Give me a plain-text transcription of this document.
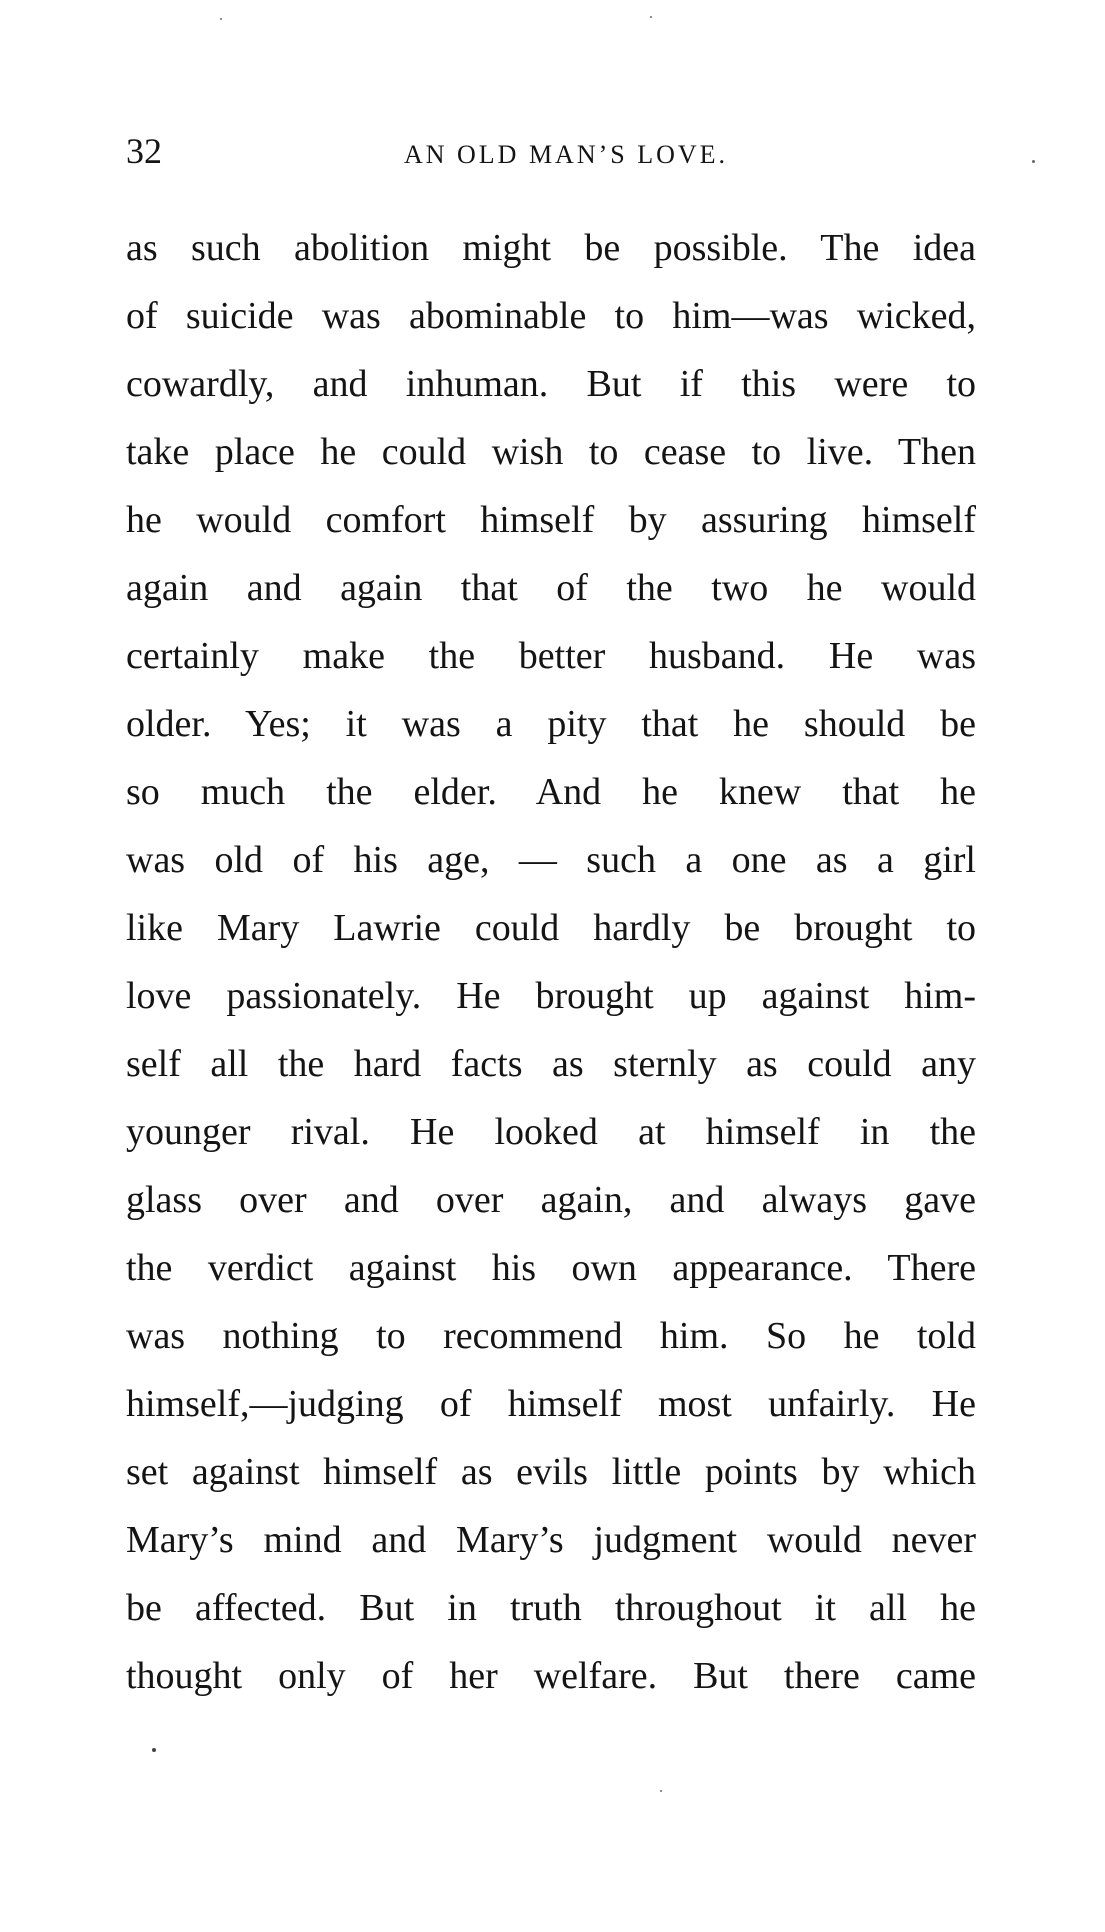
32	AN OLD MAN’S LOVE.
as such abolition might be possible. The idea
of suicide was abominable to him—was wicked,
cowardly, and inhuman. But if this were to
take place he could wish to cease to live. Then
he would comfort himself by assuring himself
again and again that of the two he would
certainly make the better husband. He was
older. Yes; it was a pity that he should be
so much the elder. And he knew that he
was old of his age, — such a one as a girl
like Mary Lawrie could hardly be brought to
love passionately. He brought up against him-
self all the hard facts as sternly as could any
younger rival. He looked at himself in the
glass over and over again, and always gave
the verdict against his own appearance. There
was nothing to recommend him. So he told
himself,—judging of himself most unfairly. He
set against himself as evils little points by which
Mary’s mind and Mary’s judgment would never
be affected. But in truth throughout it all he
thought only of her welfare. But there came
